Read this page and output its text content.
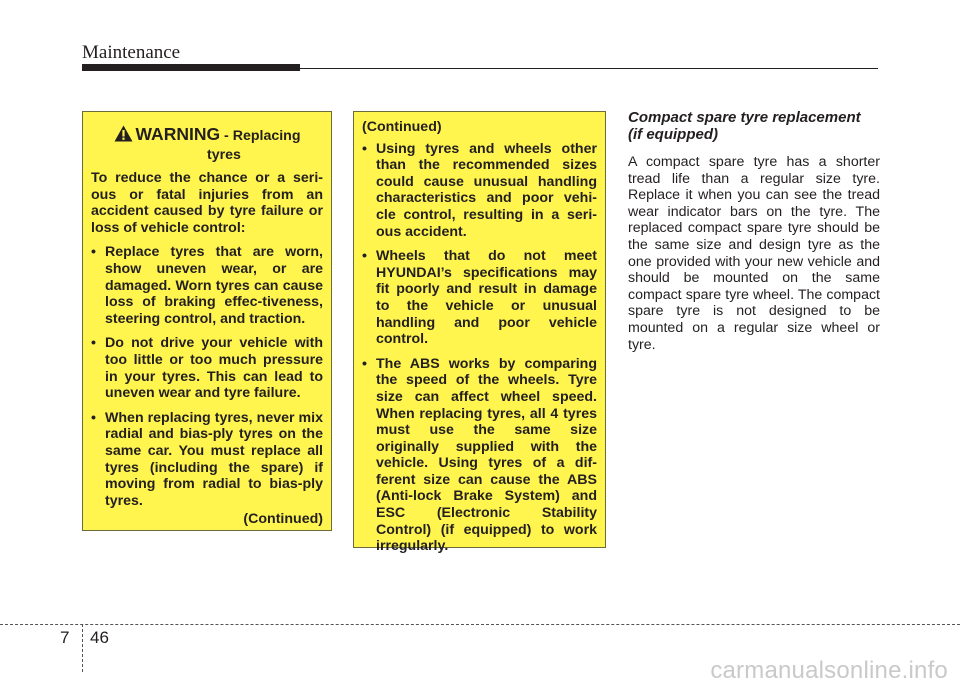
Maintenance
WARNING - Replacing
tyres

To reduce the chance or a seri-ous or fatal injuries from an accident caused by tyre failure or loss of vehicle control:

• Replace tyres that are worn, show uneven wear, or are damaged. Worn tyres can cause loss of braking effec-tiveness, steering control, and traction.
• Do not drive your vehicle with too little or too much pressure in your tyres. This can lead to uneven wear and tyre failure.
• When replacing tyres, never mix radial and bias-ply tyres on the same car. You must replace all tyres (including the spare) if moving from radial to bias-ply tyres.
(Continued)
(Continued)
• Using tyres and wheels other than the recommended sizes could cause unusual handling characteristics and poor vehi-cle control, resulting in a seri-ous accident.
• Wheels that do not meet HYUNDAI’s specifications may fit poorly and result in damage to the vehicle or unusual handling and poor vehicle control.
• The ABS works by comparing the speed of the wheels. Tyre size can affect wheel speed. When replacing tyres, all 4 tyres must use the same size originally supplied with the vehicle. Using tyres of a dif-ferent size can cause the ABS (Anti-lock Brake System) and ESC (Electronic Stability Control) (if equipped) to work irregularly.
Compact spare tyre replacement
(if equipped)

A compact spare tyre has a shorter tread life than a regular size tyre. Replace it when you can see the tread wear indicator bars on the tyre. The replaced compact spare tyre should be the same size and design tyre as the one provided with your new vehicle and should be mounted on the same compact spare tyre wheel. The compact spare tyre is not designed to be mounted on a regular size wheel or tyre.

7 46
carmanualsonline.info
